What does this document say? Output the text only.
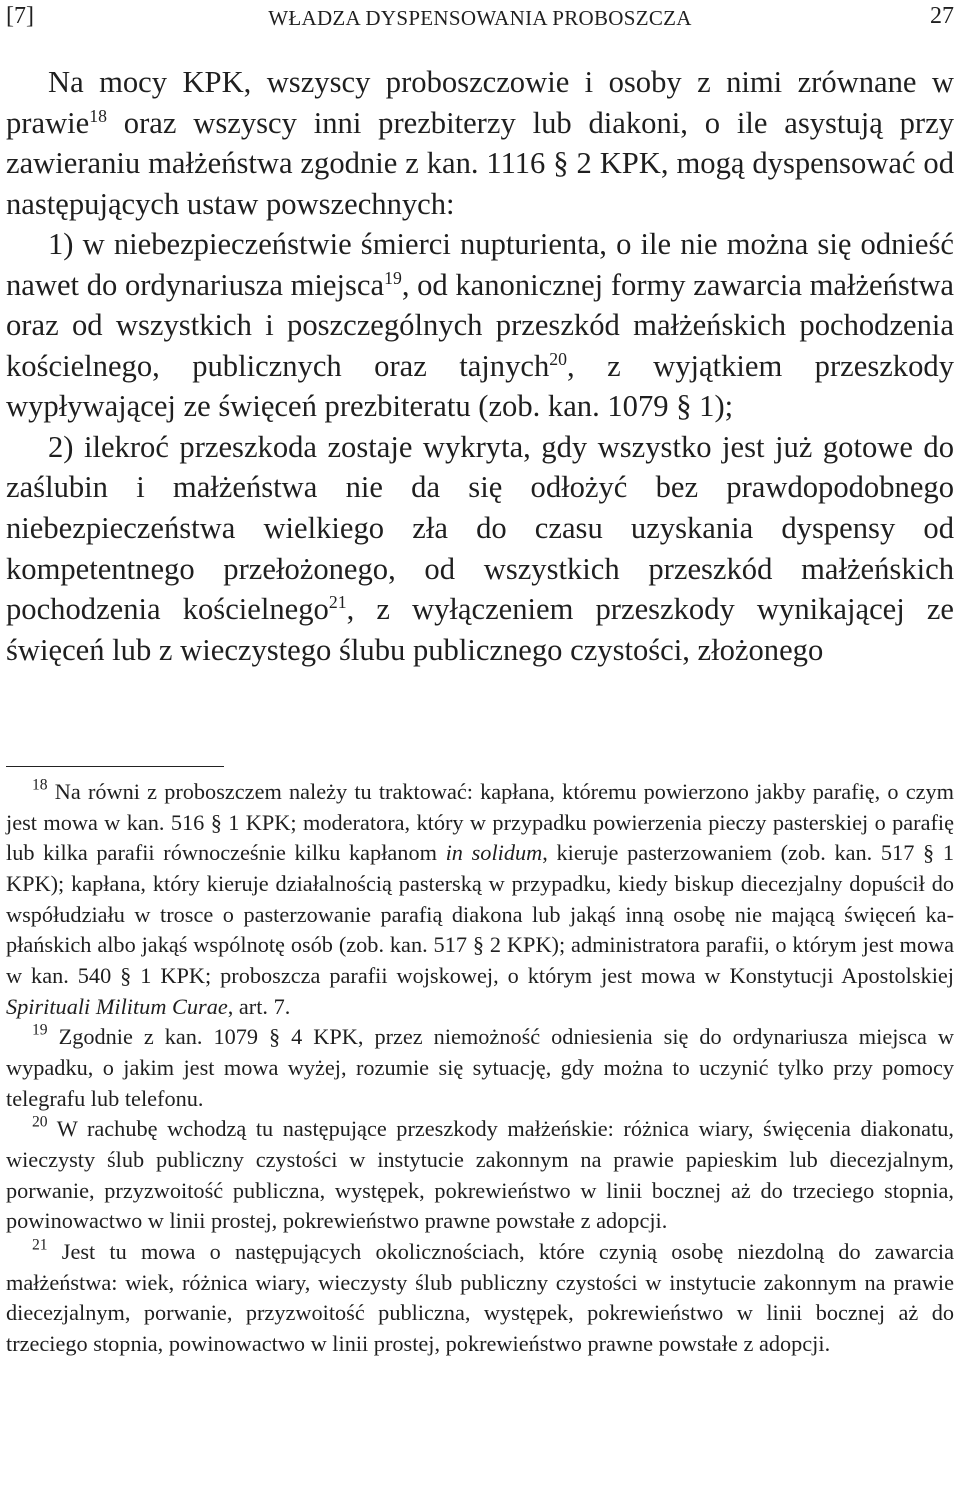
[7]	WŁADZA DYSPENSOWANIA PROBOSZCZA	27

Na mocy KPK, wszyscy proboszczowie i osoby z nimi zrównane w prawie$^{18}$ oraz wszyscy inni prezbiterzy lub diakoni, o ile asystują przy zawieraniu małżeństwa zgodnie z kan. 1116 § 2 KPK, mogą dyspensować od następujących ustaw powszechnych:

1) w niebezpieczeństwie śmierci nupturienta, o ile nie można się odnieść nawet do ordynariusza miejsca$^{19}$, od kanonicznej formy zawarcia małżeństwa oraz od wszystkich i poszczególnych przeszkód małżeńskich pochodzenia kościelnego, publicznych oraz tajnych$^{20}$, z wyjątkiem przeszkody wypływającej ze święceń prezbiteratu (zob. kan. 1079 § 1);

2) ilekroć przeszkoda zostaje wykryta, gdy wszystko jest już gotowe do zaślubin i małżeństwa nie da się odłożyć bez prawdopodobnego niebezpieczeństwa wielkiego zła do czasu uzyskania dyspensy od kompetentnego przełożonego, od wszystkich przeszkód małżeńskich pochodzenia kościelnego$^{21}$, z wyłączeniem przeszkody wynikającej ze święceń lub z wieczystego ślubu publicznego czystości, złożonego

$^{18}$ Na równi z proboszczem należy tu traktować: kapłana, któremu powierzono jakby parafię, o czym jest mowa w kan. 516 § 1 KPK; moderatora, który w przypadku powierzenia pieczy pasterskiej o parafię lub kilka parafii równocześnie kilku kapłanom in solidum, kieruje pasterzowaniem (zob. kan. 517 § 1 KPK); kapłana, który kieruje działalnością pasterską w przypadku, kiedy biskup diecezjalny dopuścił do współudziału w trosce o pasterzowanie parafią diakona lub jakąś inną osobę nie mającą święceń kapłańskich albo jakąś wspólnotę osób (zob. kan. 517 § 2 KPK); administratora parafii, o którym jest mowa w kan. 540 § 1 KPK; proboszcza parafii wojskowej, o którym jest mowa w Konstytucji Apostolskiej Spirituali Militum Curae, art. 7.

$^{19}$ Zgodnie z kan. 1079 § 4 KPK, przez niemożność odniesienia się do ordynariusza miejsca w wypadku, o jakim jest mowa wyżej, rozumie się sytuację, gdy można to uczynić tylko przy pomocy telegrafu lub telefonu.

$^{20}$ W rachubę wchodzą tu następujące przeszkody małżeńskie: różnica wiary, święcenia diakonatu, wieczysty ślub publiczny czystości w instytucie zakonnym na prawie papieskim lub diecezjalnym, porwanie, przyzwoitość publiczna, występek, pokrewieństwo w linii bocznej aż do trzeciego stopnia, powinowactwo w linii prostej, pokrewieństwo prawne powstałe z adopcji.

$^{21}$ Jest tu mowa o następujących okolicznościach, które czynią osobę niezdolną do zawarcia małżeństwa: wiek, różnica wiary, wieczysty ślub publiczny czystości w instytucie zakonnym na prawie diecezjalnym, porwanie, przyzwoitość publiczna, występek, pokrewieństwo w linii bocznej aż do trzeciego stopnia, powinowactwo w linii prostej, pokrewieństwo prawne powstałe z adopcji.
